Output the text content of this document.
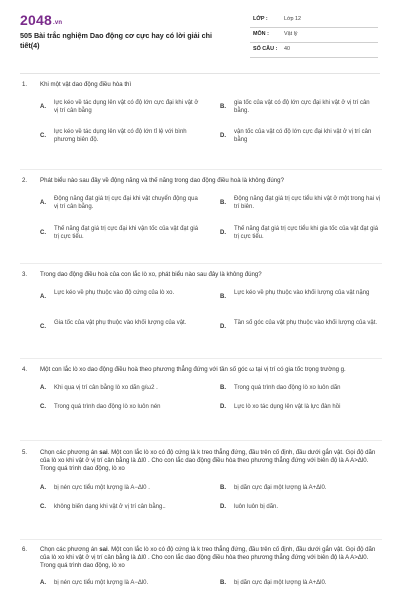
2048.vn
505 Bài trắc nghiệm Dao động cơ cực hay có lời giải chi tiết(4)
LỚP :	Lớp 12
MÔN :	Vật lý
SỐ CÂU : 40
1. Khi một vật dao động điều hòa thì
A.
lực kéo về tác dụng lên vật có độ lớn cực đại khi vật ở vị trí cân bằng
B.
gia tốc của vật có độ lớn cực đại khi vật ở vị trí cân bằng.
C.
lực kéo về tác dụng lên vật có độ lớn tỉ lệ với bình phương biên độ.
D.
vận tốc của vật có độ lớn cực đại khi vật ở vị trí cân bằng
2. Phát biểu nào sau đây về động năng và thế năng trong dao động điều hoà là không đúng?
A.
Động năng đạt giá trị cực đại khi vật chuyển động qua vị trí cân bằng.
B.
Động năng đạt giá trị cực tiểu khi vật ở một trong hai vị trí biên.
C.
Thế năng đạt giá trị cực đại khi vận tốc của vật đạt giá trị cực tiểu.
D.
Thế năng đạt giá trị cực tiểu khi gia tốc của vật đạt giá trị cực tiểu.
3. Trong dao động điều hoà của con lắc lò xo, phát biểu nào sau đây là không đúng?
A.
Lực kéo về phụ thuộc vào độ cứng của lò xo.
B.
Lực kéo về phụ thuộc vào khối lượng của vật nặng
C.
Gia tốc của vật phụ thuộc vào khối lượng của vật.
D.
Tần số góc của vật phụ thuộc vào khối lượng của vật.
4. Một con lắc lò xo dao động điều hoà theo phương thẳng đứng với tần số góc ω tại vị trí có gia tốc trọng trường g.
A.	Khi qua vị trí cân bằng lò xo dãn g/ω2 .	B.	Trong quá trình dao động lò xo luôn dãn
C.	Trong quá trình dao động lò xo luôn nén	D.	Lực lò xo tác dụng lên vật là lực đàn hồi
5. Chọn các phương án sai. Một con lắc lò xo có độ cứng là k treo thẳng đứng, đầu trên cố định, đầu dưới gắn vật. Gọi độ dãn của lò xo khi vật ở vị trí cân bằng là Δl0 . Cho con lắc dao động điều hòa theo phương thẳng đứng với biên độ là A A>Δl0. Trong quá trình dao động, lò xo
A.	bị nén cực tiểu một lượng là A−Δl0 .	B.	bị dãn cực đại một lượng là A+Δl0.
C.	không biến dạng khi vật ở vị trí cân bằng..	D.	luôn luôn bị dãn.
6. Chọn các phương án sai. Một con lắc lò xo có độ cứng là k treo thẳng đứng, đầu trên cố định, đầu dưới gắn vật. Gọi độ dãn của lò xo khi vật ở vị trí cân bằng là Δl0 . Cho con lắc dao động điều hòa theo phương thẳng đứng với biên độ là A A>Δl0. Trong quá trình dao động, lò xo
A.	bị nén cực tiểu một lượng là A−Δl0.	B.	bị dãn cực đại một lượng là A+Δl0.
